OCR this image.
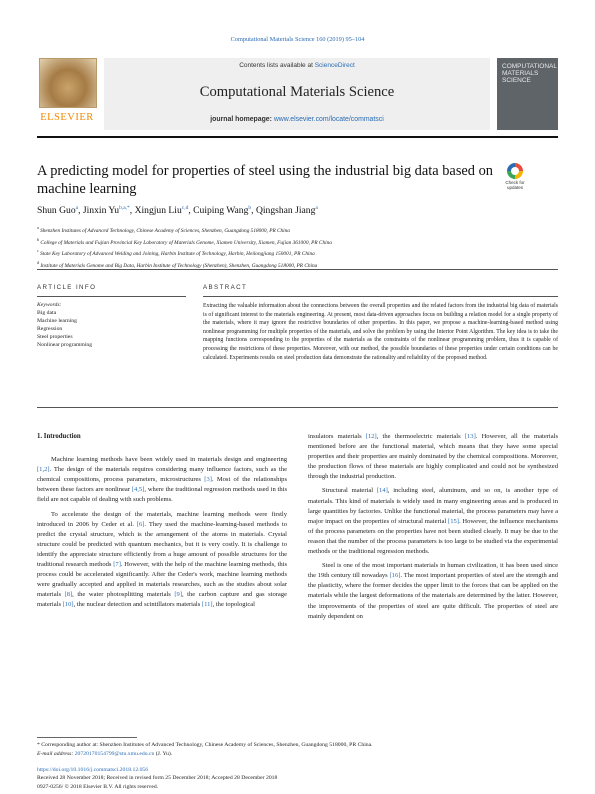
Computational Materials Science 160 (2019) 95–104
ELSEVIER
Contents lists available at ScienceDirect
Computational Materials Science
journal homepage: www.elsevier.com/locate/commatsci
COMPUTATIONAL MATERIALS SCIENCE
A predicting model for properties of steel using the industrial big data based on machine learning	Check for updates
Shun Guo$^a$, Jinxin $Yu^{b,a,*}$, Xingjun Liu$^{c,d}$, Cuiping Wang$^b$, Qingshan Jiang$^a$
$^a$ Shenzhen Institutes of Advanced Technology, Chinese Academy of Sciences, Shenzhen, Guangdong 518000, PR China
$^b$ College of Materials and Fujian Provincial Key Laboratory of Materials Genome, Xiamen University, Xiamen, Fujian 361000, PR China
$^c$ State Key Laboratory of Advanced Welding and Joining, Harbin Institute of Technology, Harbin, Heilongjiang 150001, PR China
$^d$ Institute of Materials Genome and Big Data, Harbin Institute of Technology (Shenzhen), Shenzhen, Guangdong 518000, PR China
ARTICLE INFO	ABSTRACT
Keywords:
Big data
Machine learning
Regression
Steel properties
Nonlinear programming
Extracting the valuable information about the connections between the overall properties and the related factors from the industrial big data of materials is of significant interest to the materials engineering. At present, most data-driven approaches focus on building a relation model for a single property of the materials, where it may ignore the restrictive boundaries of other properties. In this paper, we propose a machine-learning-based method using nonlinear programming for multiple properties of the materials, and solve the problem by using the Interior Point Algorithm. The key idea is to take the mapping functions corresponding to the properties of the materials as the constraints of the nonlinear programming problem, thus it is capable of processing the restrictions of these properties. Moreover, with our method, the possible boundaries of these properties under certain conditions can be calculated. Experiments results on steel production data demonstrate the rationality and reliability of the proposed method.
1. Introduction

Machine learning methods have been widely used in materials design and engineering [1,2]. The design of the materials requires considering many influence factors, such as the chemical compositions, process parameters, microstructures [3]. Most of the relationships between these factors are nonlinear [4,5], where the traditional regression methods used in this field are not capable of dealing with such problems.

To accelerate the design of the materials, machine learning methods were firstly introduced in 2006 by Ceder et al. [6]. They used the machine-learning-based methods to predict the crystal structure, which is the arrangement of the atoms in materials. Crystal structure could be predicted with quantum mechanics, but it is very costly. It is challenge to identify the appreciate structure efficiently from a huge amount of possible structures for the traditional research methods [7]. However, with the help of the machine learning methods, this process could be accelerated significantly. After the Ceder's work, machine learning methods were gradually accepted and applied in materials researches, such as the studies about solar materials [8], the water photosplitting materials [9], the carbon capture and gas storage materials [10], the nuclear detection and scintillators materials [11], the topological

insulators materials [12], the thermoelectric materials [13]. However, all the materials mentioned before are the functional material, which means that they have some special properties and their properties are mainly dominated by the chemical compositions. Moreover, the production flows of these materials are highly complicated and could not be synthesized through the industrial production.

Structural material [14], including steel, aluminum, and so on, is another type of materials. This kind of materials is widely used in many engineering areas and is produced in large quantities by factories. Unlike the functional material, the process parameters may have a major impact on the properties of structural material [15]. However, the influence mechanisms of the process parameters on the properties have not been studied clearly. It may be due to the reason that the number of the process parameters is too large to be studied via the experimental methods or the traditional regression methods.

Steel is one of the most important materials in human civilization, it has been used since the 19th century till nowadays [16]. The most important properties of steel are the strength and the plasticity, where the former decides the upper limit to the forces that can be applied on the materials while the largest deformations of the materials are determined by the latter. However, the improvements of the properties of steel are quite difficult. The properties of steel are mainly dependent on

* Corresponding author at: Shenzhen Institutes of Advanced Technology, Chinese Academy of Sciences, Shenzhen, Guangdong 518000, PR China.
E-mail address: 20720170154799@stu.xmu.edu.cn (J. Yu).
https://doi.org/10.1016/j.commatsci.2018.12.056
Received 28 November 2018; Received in revised form 25 December 2018; Accepted 28 December 2018
0927-0256/ © 2018 Elsevier B.V. All rights reserved.
